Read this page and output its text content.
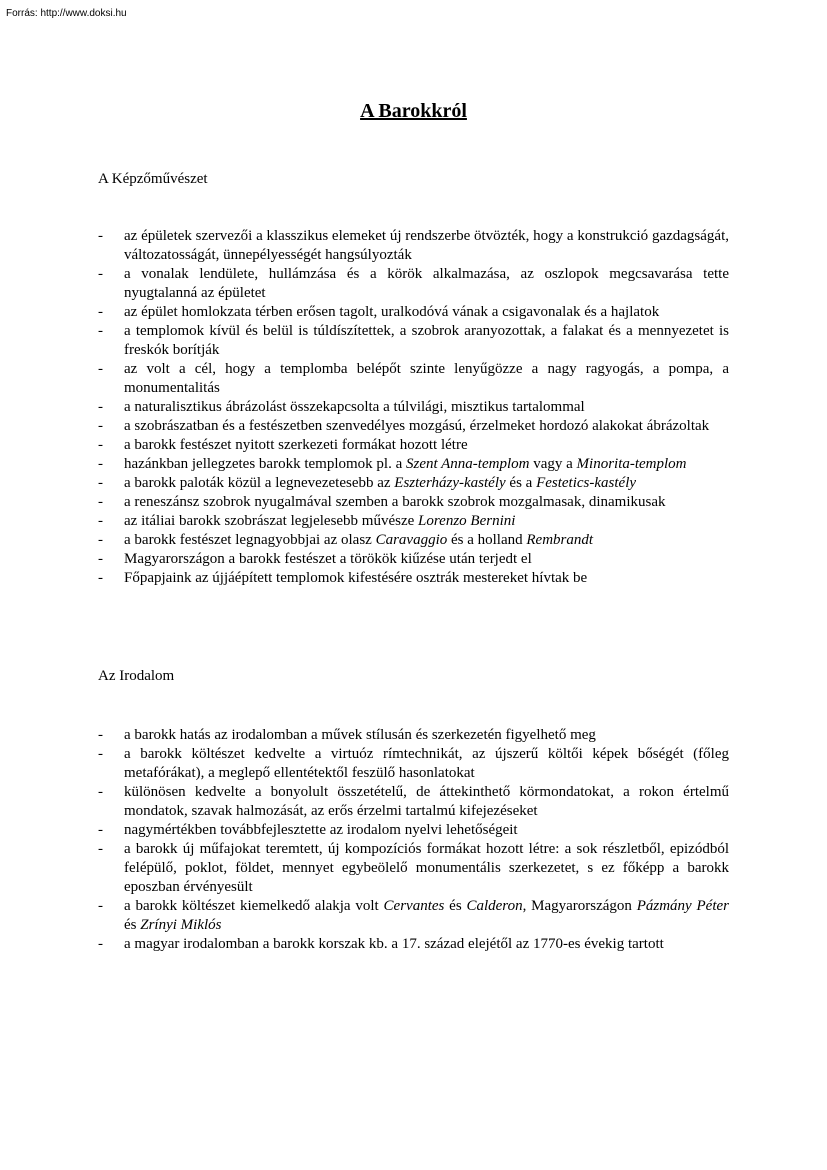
Forrás: http://www.doksi.hu
A Barokkról
A Képzőművészet
- az épületek szervezői a klasszikus elemeket új rendszerbe ötvözték, hogy a konstrukció gazdagságát, változatosságát, ünnepélyességét hangsúlyozták
- a vonalak lendülete, hullámzása és a körök alkalmazása, az oszlopok megcsavarása tette nyugtalanná az épületet
- az épület homlokzata térben erősen tagolt, uralkodóvá vának a csigavonalak és a hajlatok
- a templomok kívül és belül is túldíszítettek, a szobrok aranyozottak, a falakat és a mennyezetet is freskók borítják
- az volt a cél, hogy a templomba belépőt szinte lenyűgözze a nagy ragyogás, a pompa, a monumentalitás
- a naturalisztikus ábrázolást összekapcsolta a túlvilági, misztikus tartalommal
- a szobrászatban és a festészetben szenvedélyes mozgású, érzelmeket hordozó alakokat ábrázoltak
- a barokk festészet nyitott szerkezeti formákat hozott létre
- hazánkban jellegzetes barokk templomok pl. a Szent Anna-templom vagy a Minorita-templom
- a barokk paloták közül a legnevezetesebb az Eszterházy-kastély és a Festetics-kastély
- a reneszánsz szobrok nyugalmával szemben a barokk szobrok mozgalmasak, dinamikusak
- az itáliai barokk szobrászat legjelesebb művésze Lorenzo Bernini
- a barokk festészet legnagyobbjai az olasz Caravaggio és a holland Rembrandt
- Magyarországon a barokk festészet a törökök kiűzése után terjedt el
- Főpapjaink az újjáépített templomok kifestésére osztrák mestereket hívtak be
Az Irodalom
- a barokk hatás az irodalomban a művek stílusán és szerkezetén figyelhető meg
- a barokk költészet kedvelte a virtuóz rímtechnikát, az újszerű költői képek bőségét (főleg metafórákat), a meglepő ellentétektől feszülő hasonlatokat
- különösen kedvelte a bonyolult összetételű, de áttekinthető körmondatokat, a rokon értelmű mondatok, szavak halmozását, az erős érzelmi tartalmú kifejezéseket
- nagymértékben továbbfejlesztette az irodalom nyelvi lehetőségeit
- a barokk új műfajokat teremtett, új kompozíciós formákat hozott létre: a sok részletből, epizódból felépülő, poklot, földet, mennyet egybeölelő monumentális szerkezetet, s ez főképp a barokk eposzban érvényesült
- a barokk költészet kiemelkedő alakja volt Cervantes és Calderon, Magyarországon Pázmány Péter és Zrínyi Miklós
- a magyar irodalomban a barokk korszak kb. a 17. század elejétől az 1770-es évekig tartott
